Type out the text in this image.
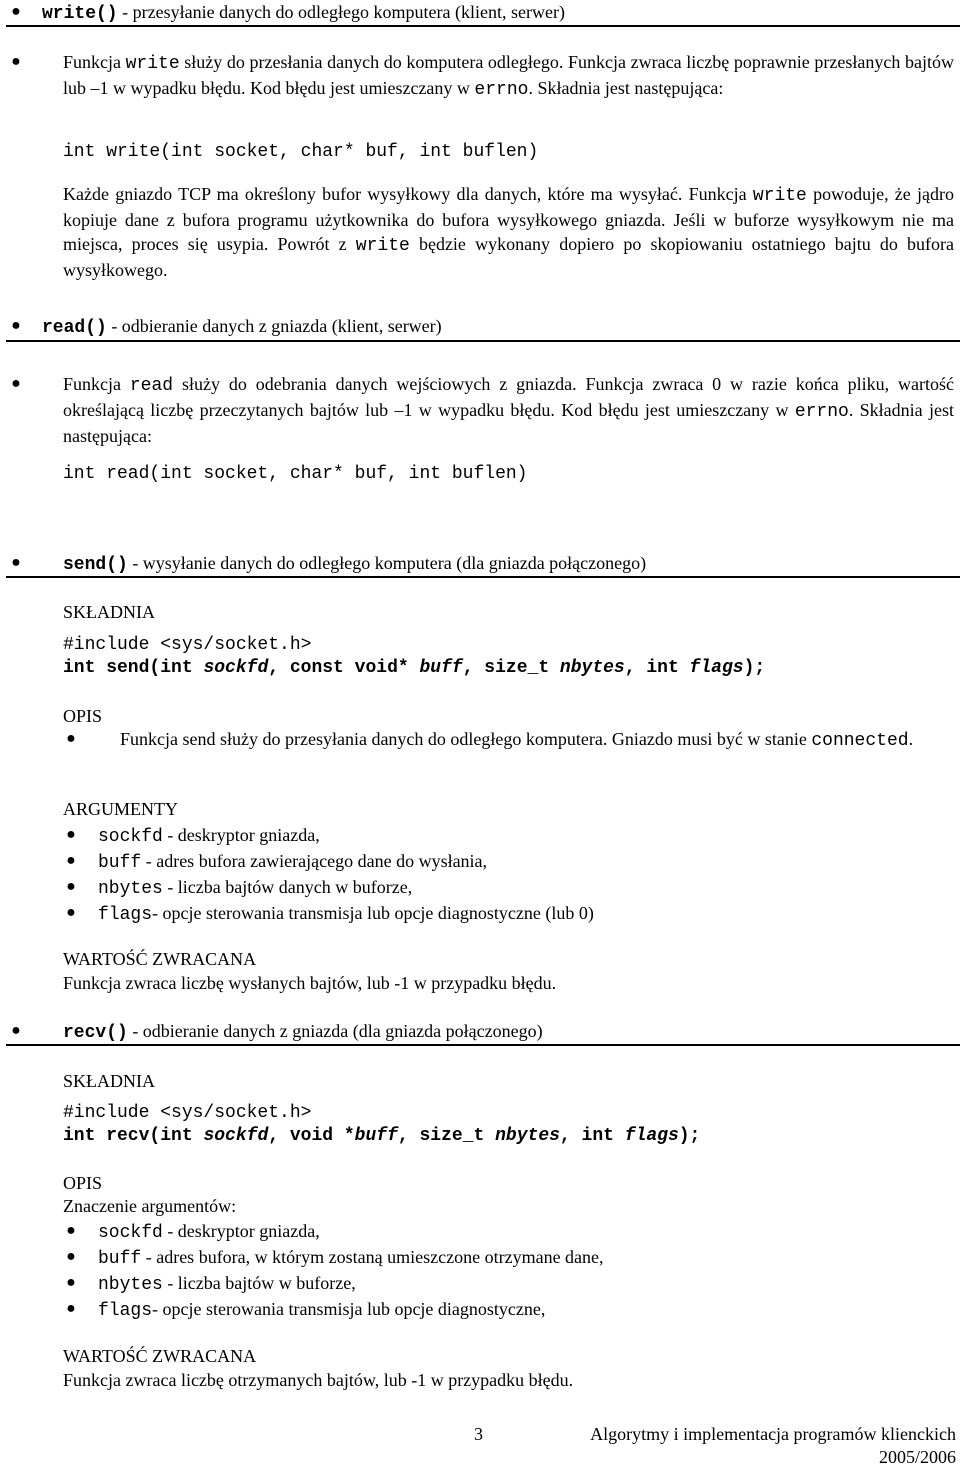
● write() - przesyłanie danych do odległego komputera (klient, serwer)
● Funkcja write służy do przesłania danych do komputera odległego. Funkcja zwraca liczbę poprawnie przesłanych bajtów lub –1 w wypadku błędu. Kod błędu jest umieszczany w errno. Składnia jest następująca:
int write(int socket, char* buf, int buflen)
Każde gniazdo TCP ma określony bufor wysyłkowy dla danych, które ma wysyłać. Funkcja write powoduje, że jądro kopiuje dane z bufora programu użytkownika do bufora wysyłkowego gniazda. Jeśli w buforze wysyłkowym nie ma miejsca, proces się usypia. Powrót z write będzie wykonany dopiero po skopiowaniu ostatniego bajtu do bufora wysyłkowego.
● read() - odbieranie danych z gniazda (klient, serwer)
● Funkcja read służy do odebrania danych wejściowych z gniazda. Funkcja zwraca 0 w razie końca pliku, wartość określającą liczbę przeczytanych bajtów lub –1 w wypadku błędu. Kod błędu jest umieszczany w errno. Składnia jest następująca:
int read(int socket, char* buf, int buflen)
● send() - wysyłanie danych do odległego komputera (dla gniazda połączonego)
SKŁADNIA
#include <sys/socket.h>
int send(int sockfd, const void* buff, size_t nbytes, int flags);
OPIS
● Funkcja send służy do przesyłania danych do odległego komputera. Gniazdo musi być w stanie connected.
ARGUMENTY
● sockfd - deskryptor gniazda,
● buff - adres bufora zawierającego dane do wysłania,
● nbytes - liczba bajtów danych w buforze,
● flags- opcje sterowania transmisja lub opcje diagnostyczne (lub 0)
WARTOŚĆ ZWRACANA
Funkcja zwraca liczbę wysłanych bajtów, lub -1 w przypadku błędu.
● recv() - odbieranie danych z gniazda (dla gniazda połączonego)
SKŁADNIA
#include <sys/socket.h>
int recv(int sockfd, void *buff, size_t nbytes, int flags);
OPIS
Znaczenie argumentów:
● sockfd - deskryptor gniazda,
● buff - adres bufora, w którym zostaną umieszczone otrzymane dane,
● nbytes - liczba bajtów w buforze,
● flags- opcje sterowania transmisja lub opcje diagnostyczne,
WARTOŚĆ ZWRACANA
Funkcja zwraca liczbę otrzymanych bajtów, lub -1 w przypadku błędu.
3	Algorytmy i implementacja programów klienckich
2005/2006
